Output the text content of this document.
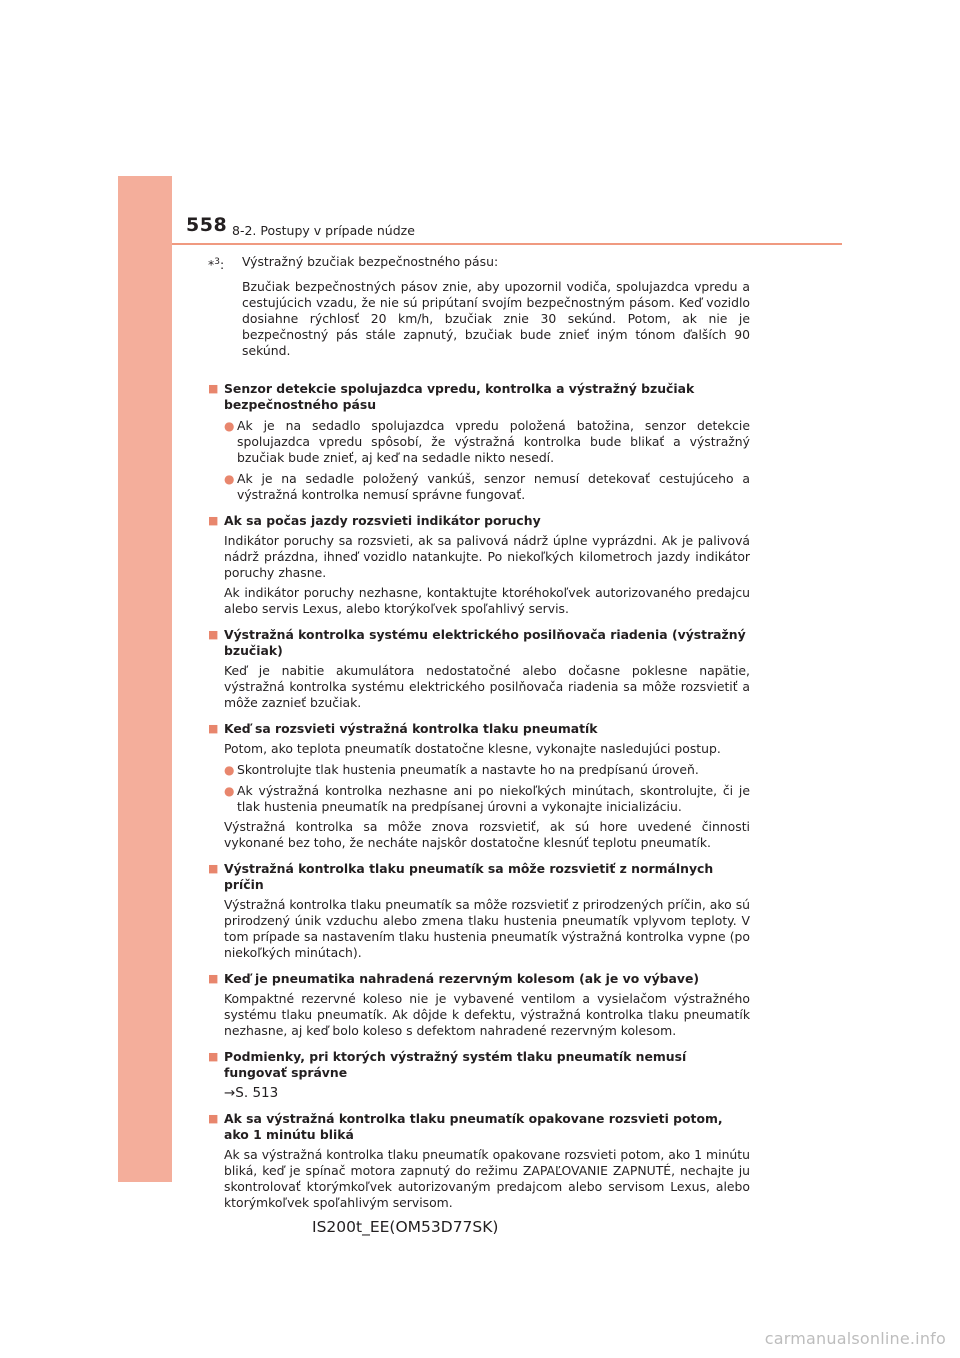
558 8-2. Postupy v prípade núdze
*$^3$:	Výstražný bzučiak bezpečnostného pásu:
Bzučiak bezpečnostných pásov znie, aby upozornil vodiča, spolujazdca vpredu a cestujúcich vzadu, že nie sú pripútaní svojím bezpečnostným pásom. Keď vozidlo dosiahne rýchlosť 20 km/h, bzučiak znie 30 sekúnd. Potom, ak nie je bezpečnostný pás stále zapnutý, bzučiak bude znieť iným tónom ďalších 90 sekúnd.
■ Senzor detekcie spolujazdca vpredu, kontrolka a výstražný bzučiak bezpečnostného pásu
● Ak je na sedadlo spolujazdca vpredu položená batožina, senzor detekcie spolujazdca vpredu spôsobí, že výstražná kontrolka bude blikať a výstražný bzučiak bude znieť, aj keď na sedadle nikto nesedí.
● Ak je na sedadle položený vankúš, senzor nemusí detekovať cestujúceho a výstražná kontrolka nemusí správne fungovať.
■ Ak sa počas jazdy rozsvieti indikátor poruchy
Indikátor poruchy sa rozsvieti, ak sa palivová nádrž úplne vyprázdni. Ak je palivová nádrž prázdna, ihneď vozidlo natankujte. Po niekoľkých kilometroch jazdy indikátor poruchy zhasne.
Ak indikátor poruchy nezhasne, kontaktujte ktoréhokoľvek autorizovaného predajcu alebo servis Lexus, alebo ktorýkoľvek spoľahlivý servis.
■ Výstražná kontrolka systému elektrického posilňovača riadenia (výstražný bzučiak)
Keď je nabitie akumulátora nedostatočné alebo dočasne poklesne napätie, výstražná kontrolka systému elektrického posilňovača riadenia sa môže rozsvietiť a môže zaznieť bzučiak.
■ Keď sa rozsvieti výstražná kontrolka tlaku pneumatík
Potom, ako teplota pneumatík dostatočne klesne, vykonajte nasledujúci postup.
● Skontrolujte tlak hustenia pneumatík a nastavte ho na predpísanú úroveň.
● Ak výstražná kontrolka nezhasne ani po niekoľkých minútach, skontrolujte, či je tlak hustenia pneumatík na predpísanej úrovni a vykonajte inicializáciu.
Výstražná kontrolka sa môže znova rozsvietiť, ak sú hore uvedené činnosti vykonané bez toho, že necháte najskôr dostatočne klesnúť teplotu pneumatík.
■ Výstražná kontrolka tlaku pneumatík sa môže rozsvietiť z normálnych príčin
Výstražná kontrolka tlaku pneumatík sa môže rozsvietiť z prirodzených príčin, ako sú prirodzený únik vzduchu alebo zmena tlaku hustenia pneumatík vplyvom teploty. V tom prípade sa nastavením tlaku hustenia pneumatík výstražná kontrolka vypne (po niekoľkých minútach).
■ Keď je pneumatika nahradená rezervným kolesom (ak je vo výbave)
Kompaktné rezervné koleso nie je vybavené ventilom a vysielačom výstražného systému tlaku pneumatík. Ak dôjde k defektu, výstražná kontrolka tlaku pneumatík nezhasne, aj keď bolo koleso s defektom nahradené rezervným kolesom.
■ Podmienky, pri ktorých výstražný systém tlaku pneumatík nemusí fungovať správne
→S. 513
■ Ak sa výstražná kontrolka tlaku pneumatík opakovane rozsvieti potom, ako 1 minútu bliká
Ak sa výstražná kontrolka tlaku pneumatík opakovane rozsvieti potom, ako 1 minútu bliká, keď je spínač motora zapnutý do režimu ZAPAĽOVANIE ZAPNUTÉ, nechajte ju skontrolovať ktorýmkoľvek autorizovaným predajcom alebo servisom Lexus, alebo ktorýmkoľvek spoľahlivým servisom.
IS200t_EE(OM53D77SK)
carmanualsonline.info
